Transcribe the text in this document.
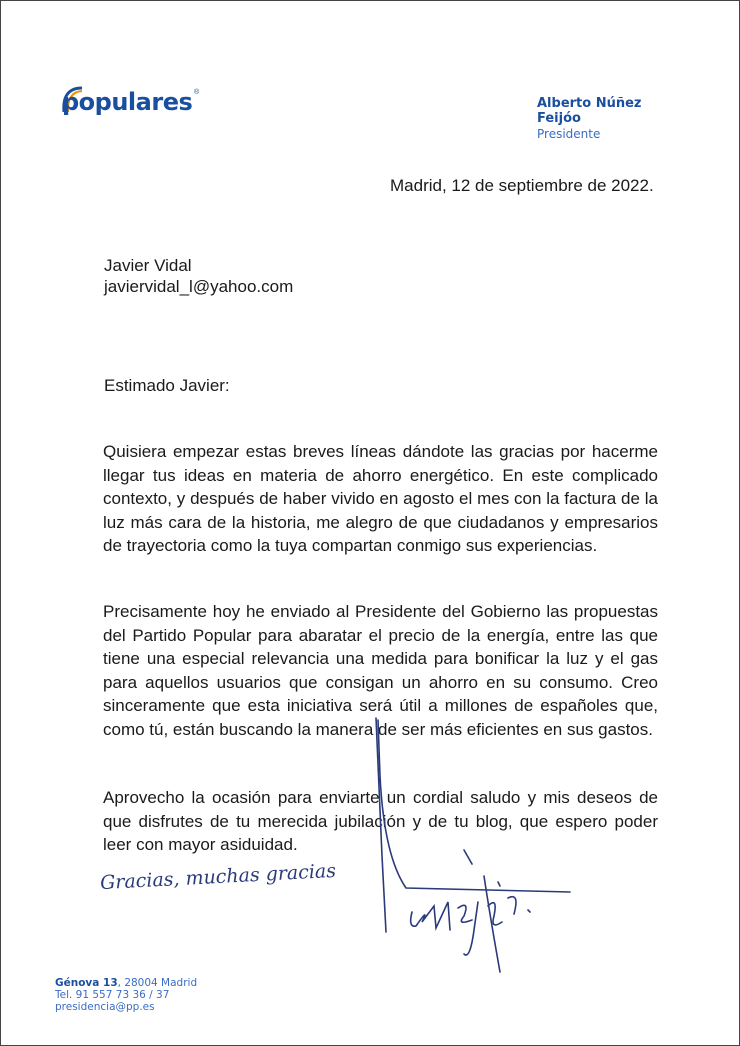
populares ®
Alberto Núñez Feijóo
Presidente
Madrid, 12 de septiembre de 2022.
Javier Vidal
javiervidal_l@yahoo.com
Estimado Javier:
Quisiera empezar estas breves líneas dándote las gracias por hacerme llegar tus ideas en materia de ahorro energético. En este complicado contexto, y después de haber vivido en agosto el mes con la factura de la luz más cara de la historia, me alegro de que ciudadanos y empresarios de trayectoria como la tuya compartan conmigo sus experiencias.
Precisamente hoy he enviado al Presidente del Gobierno las propuestas del Partido Popular para abaratar el precio de la energía, entre las que tiene una especial relevancia una medida para bonificar la luz y el gas para aquellos usuarios que consigan un ahorro en su consumo. Creo sinceramente que esta iniciativa será útil a millones de españoles que, como tú, están buscando la manera de ser más eficientes en sus gastos.
Aprovecho la ocasión para enviarte un cordial saludo y mis deseos de que disfrutes de tu merecida jubilación y de tu blog, que espero poder leer con mayor asiduidad.
Gracias, muchas gracias
Génova 13, 28004 Madrid
Tel. 91 557 73 36 / 37
presidencia@pp.es
